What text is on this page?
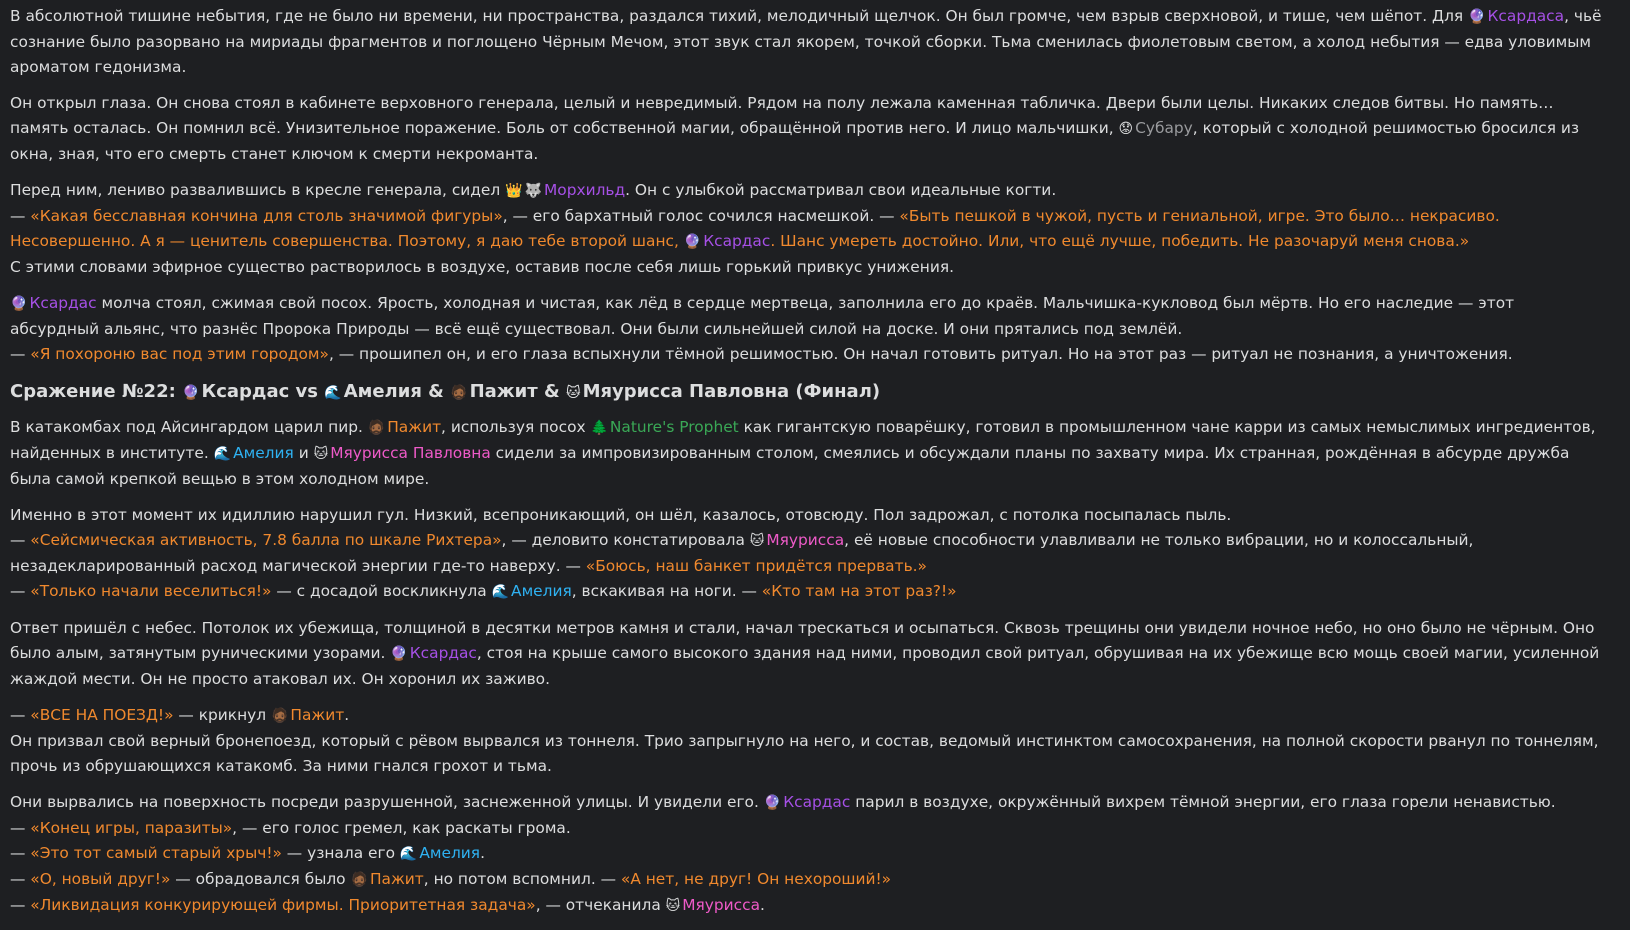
В абсолютной тишине небытия, где не было ни времени, ни пространства, раздался тихий, мелодичный щелчок. Он был громче, чем взрыв сверхновой, и тише, чем шёпот. Для 🔮 Ксардаса, чьё сознание было разорвано на мириады фрагментов и поглощено Чёрным Мечом, этот звук стал якорем, точкой сборки. Тьма сменилась фиолетовым светом, а холод небытия — едва уловимым ароматом гедонизма.
Он открыл глаза. Он снова стоял в кабинете верховного генерала, целый и невредимый. Рядом на полу лежала каменная табличка. Двери были целы. Никаких следов битвы. Но память… память осталась. Он помнил всё. Унизительное поражение. Боль от собственной магии, обращённой против него. И лицо мальчишки, 😟 Субару, который с холодной решимостью бросился из окна, зная, что его смерть станет ключом к смерти некроманта.
Перед ним, лениво развалившись в кресле генерала, сидел 👑 🐺 Морхильд. Он с улыбкой рассматривал свои идеальные когти.
— «Какая бесславная кончина для столь значимой фигуры», — его бархатный голос сочился насмешкой. — «Быть пешкой в чужой, пусть и гениальной, игре. Это было… некрасиво. Несовершенно. А я — ценитель совершенства. Поэтому, я даю тебе второй шанс, 🔮 Ксардас. Шанс умереть достойно. Или, что ещё лучше, победить. Не разочаруй меня снова.»
С этими словами эфирное существо растворилось в воздухе, оставив после себя лишь горький привкус унижения.
🔮 Ксардас молча стоял, сжимая свой посох. Ярость, холодная и чистая, как лёд в сердце мертвеца, заполнила его до краёв. Мальчишка-кукловод был мёртв. Но его наследие — этот абсурдный альянс, что разнёс Пророка Природы — всё ещё существовал. Они были сильнейшей силой на доске. И они прятались под землёй.
— «Я похороню вас под этим городом», — прошипел он, и его глаза вспыхнули тёмной решимостью. Он начал готовить ритуал. Но на этот раз — ритуал не познания, а уничтожения.
Сражение №22: 🔮 Ксардас vs 🌊 Амелия & 🧔🏾 Пажит & 🐱 Мяурисса Павловна (Финал)
В катакомбах под Айсингардом царил пир. 🧔🏾 Пажит, используя посох 🌲 Nature's Prophet как гигантскую поварёшку, готовил в промышленном чане карри из самых немыслимых ингредиентов, найденных в институте. 🌊 Амелия и 🐱 Мяурисса Павловна сидели за импровизированным столом, смеялись и обсуждали планы по захвату мира. Их странная, рождённая в абсурде дружба была самой крепкой вещью в этом холодном мире.
Именно в этот момент их идиллию нарушил гул. Низкий, всепроникающий, он шёл, казалось, отовсюду. Пол задрожал, с потолка посыпалась пыль.
— «Сейсмическая активность, 7.8 балла по шкале Рихтера», — деловито констатировала 🐱 Мяурисса, её новые способности улавливали не только вибрации, но и колоссальный, незадекларированный расход магической энергии где-то наверху. — «Боюсь, наш банкет придётся прервать.»
— «Только начали веселиться!» — с досадой воскликнула 🌊 Амелия, вскакивая на ноги. — «Кто там на этот раз?!»
Ответ пришёл с небес. Потолок их убежища, толщиной в десятки метров камня и стали, начал трескаться и осыпаться. Сквозь трещины они увидели ночное небо, но оно было не чёрным. Оно было алым, затянутым руническими узорами. 🔮 Ксардас, стоя на крыше самого высокого здания над ними, проводил свой ритуал, обрушивая на их убежище всю мощь своей магии, усиленной жаждой мести. Он не просто атаковал их. Он хоронил их заживо.
— «ВСЕ НА ПОЕЗД!» — крикнул 🧔🏾 Пажит.
Он призвал свой верный бронепоезд, который с рёвом вырвался из тоннеля. Трио запрыгнуло на него, и состав, ведомый инстинктом самосохранения, на полной скорости рванул по тоннелям, прочь из обрушающихся катакомб. За ними гнался грохот и тьма.
Они вырвались на поверхность посреди разрушенной, заснеженной улицы. И увидели его. 🔮 Ксардас парил в воздухе, окружённый вихрем тёмной энергии, его глаза горели ненавистью.
— «Конец игры, паразиты», — его голос гремел, как раскаты грома.
— «Это тот самый старый хрыч!» — узнала его 🌊 Амелия.
— «О, новый друг!» — обрадовался было 🧔🏾 Пажит, но потом вспомнил. — «А нет, не друг! Он нехороший!»
— «Ликвидация конкурирующей фирмы. Приоритетная задача», — отчеканила 🐱 Мяурисса.
